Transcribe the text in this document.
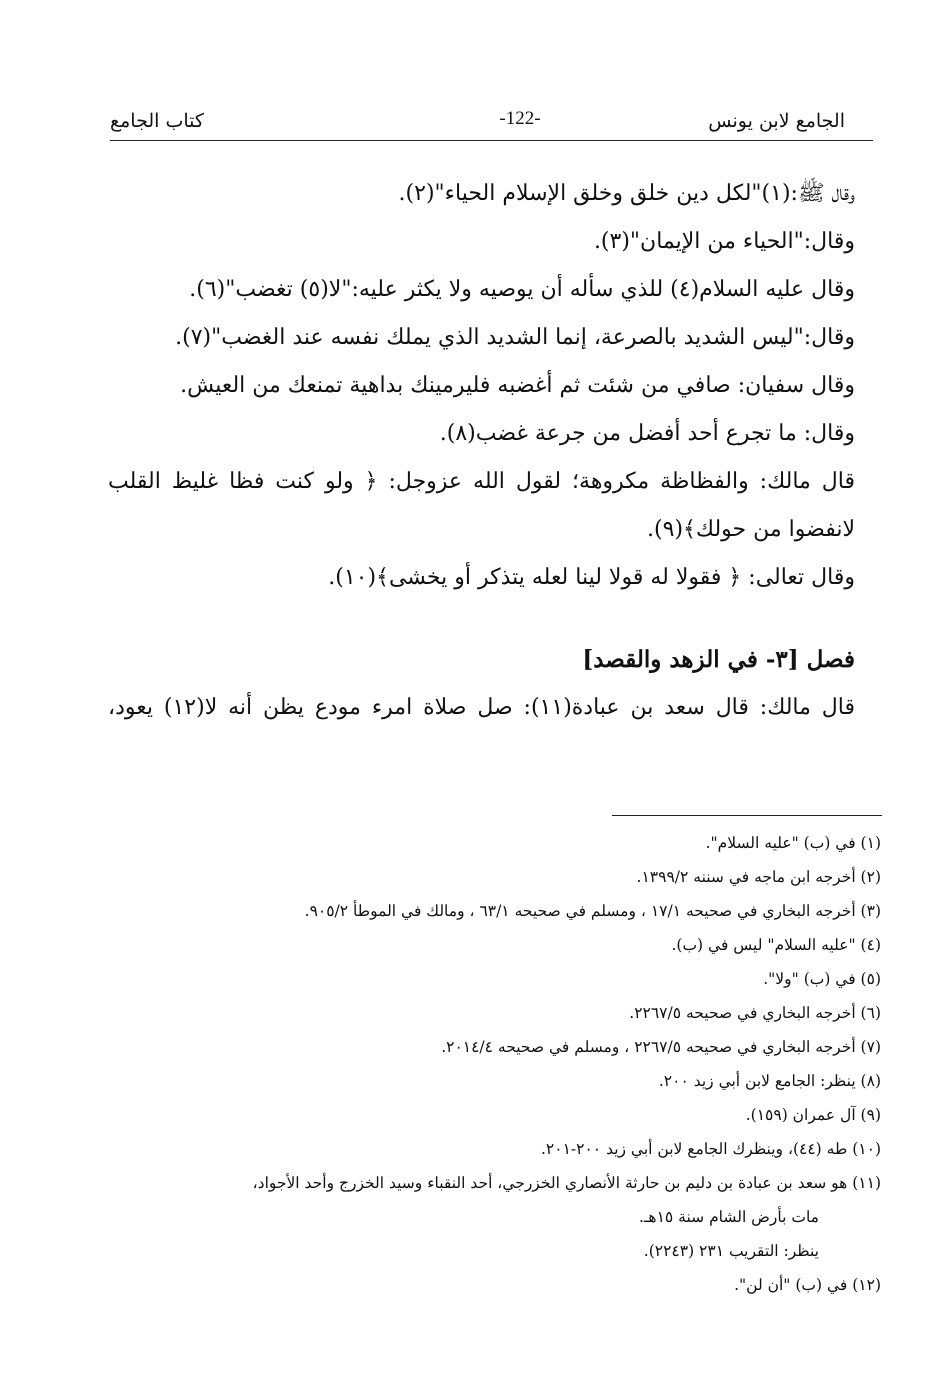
الجامع لابن يونس
-122-
كتاب الجامع
وقال ﷺ:(١)"لكل دين خلق وخلق الإسلام الحياء"(٢).
وقال:"الحياء من الإيمان"(٣).
وقال عليه السلام(٤) للذي سأله أن يوصيه ولا يكثر عليه:"لا(٥) تغضب"(٦).
وقال:"ليس الشديد بالصرعة، إنما الشديد الذي يملك نفسه عند الغضب"(٧).
وقال سفيان: صافي من شئت ثم أغضبه فليرمينك بداهية تمنعك من العيش.
وقال: ما تجرع أحد أفضل من جرعة غضب(٨).
قال مالك: والفظاظة مكروهة؛ لقول الله عزوجل: ﴿ ولو كنت فظا غليظ القلب
لانفضوا من حولك﴾(٩).
وقال تعالى: ﴿ فقولا له قولا لينا لعله يتذكر أو يخشى﴾(١٠).
فصل [٣- في الزهد والقصد]
قال مالك: قال سعد بن عبادة(١١): صل صلاة امرء مودع يظن أنه لا(١٢) يعود،
(١) في (ب) "عليه السلام".
(٢) أخرجه ابن ماجه في سننه ١٣٩٩/٢.
(٣) أخرجه البخاري في صحيحه ١٧/١ ، ومسلم في صحيحه ٦٣/١ ، ومالك في الموطأ ٩٠٥/٢.
(٤) "عليه السلام" ليس في (ب).
(٥) في (ب) "ولا".
(٦) أخرجه البخاري في صحيحه ٢٢٦٧/٥.
(٧) أخرجه البخاري في صحيحه ٢٢٦٧/٥ ، ومسلم في صحيحه ٢٠١٤/٤.
(٨) ينظر: الجامع لابن أبي زيد ٢٠٠.
(٩) آل عمران (١٥٩).
(١٠) طه (٤٤)، وينظرك الجامع لابن أبي زيد ٢٠٠-٢٠١.
(١١) هو سعد بن عبادة بن دليم بن حارثة الأنصاري الخزرجي، أحد النقباء وسيد الخزرج وأحد الأجواد،
مات بأرض الشام سنة ١٥هـ.
ينظر: التقريب ٢٣١ (٢٢٤٣).
(١٢) في (ب) "أن لن".
